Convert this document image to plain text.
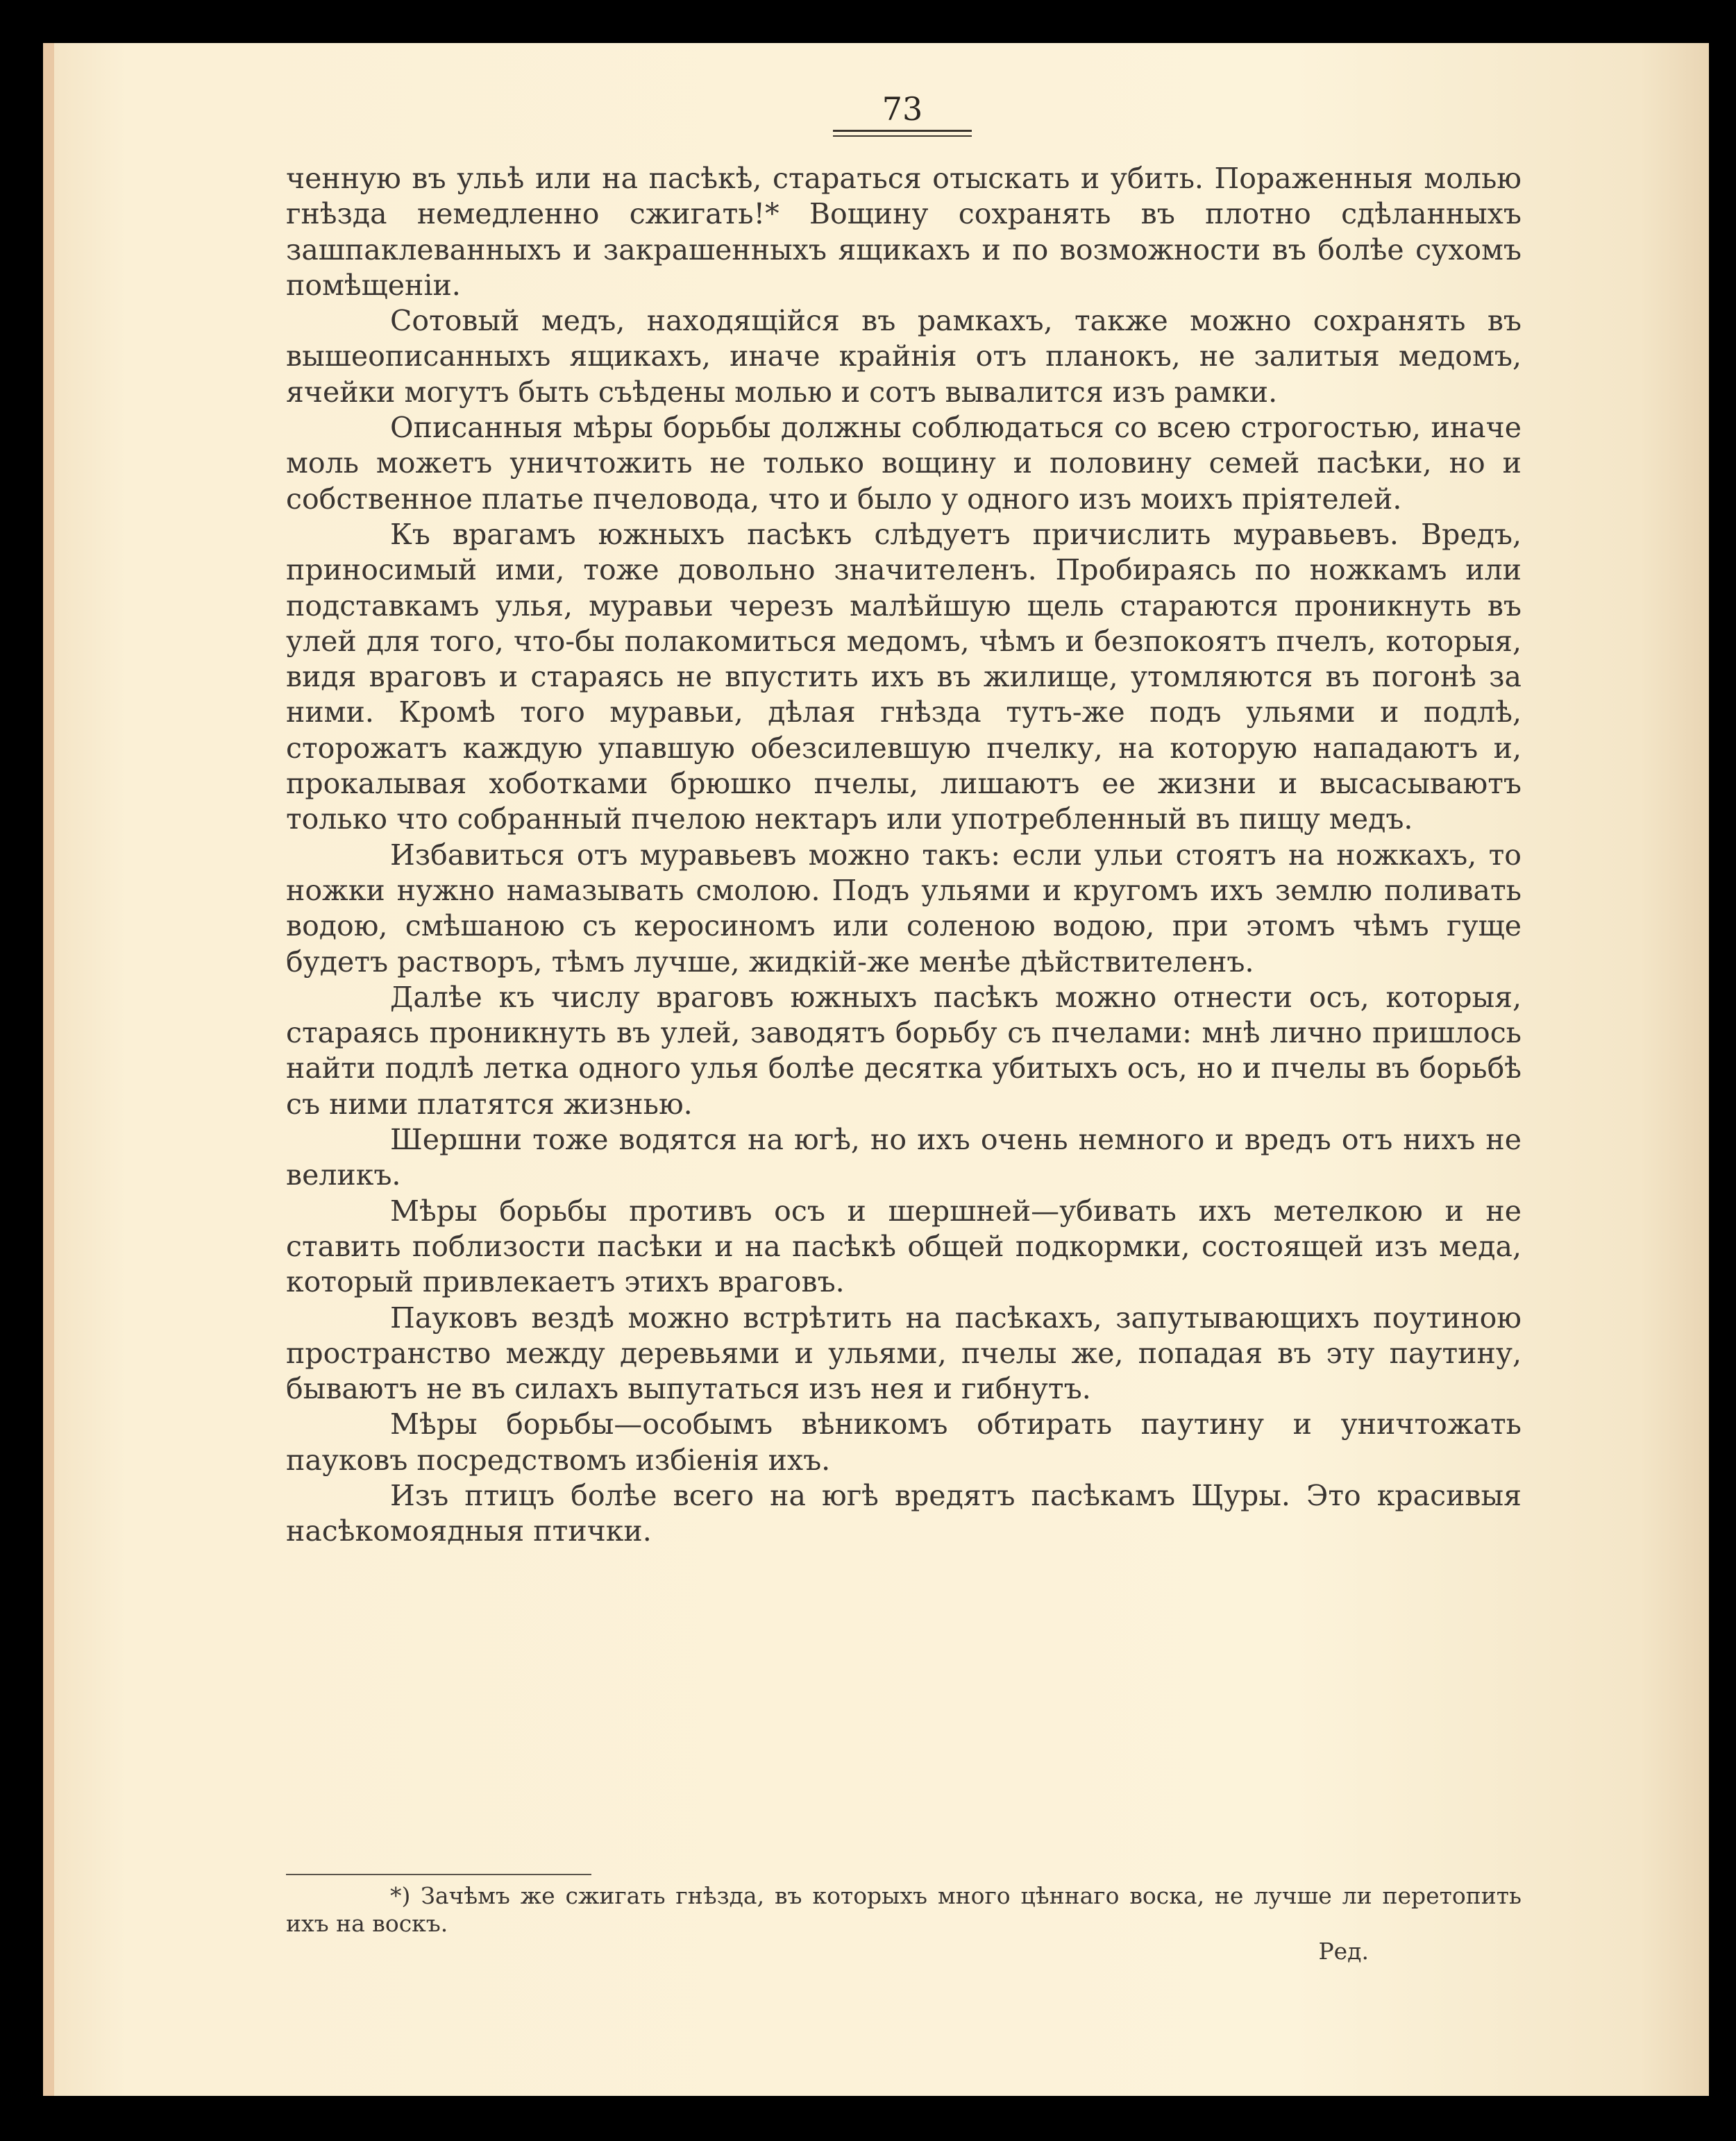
73

ченную въ ульѣ или на пасѣкѣ, стараться отыскать и убить. Пораженныя молью гнѣзда немедленно сжигать!* Вощину сохранять въ плотно сдѣланныхъ зашпаклеванныхъ и закрашенныхъ ящикахъ и по возможности въ болѣе сухомъ помѣщеніи.

Сотовый медъ, находящійся въ рамкахъ, также можно сохранять въ вышеописанныхъ ящикахъ, иначе крайнія отъ планокъ, не залитыя медомъ, ячейки могутъ быть съѣдены молью и сотъ вывалится изъ рамки.

Описанныя мѣры борьбы должны соблюдаться со всею строгостью, иначе моль можетъ уничтожить не только вощину и половину семей пасѣки, но и собственное платье пчеловода, что и было у одного изъ моихъ пріятелей.

Къ врагамъ южныхъ пасѣкъ слѣдуетъ причислить муравьевъ. Вредъ, приносимый ими, тоже довольно значителенъ. Пробираясь по ножкамъ или подставкамъ улья, муравьи черезъ малѣйшую щель стараются проникнуть въ улей для того, что-бы полакомиться медомъ, чѣмъ и безпокоятъ пчелъ, которыя, видя враговъ и стараясь не впустить ихъ въ жилище, утомляются въ погонѣ за ними. Кромѣ того муравьи, дѣлая гнѣзда тутъ-же подъ ульями и подлѣ, сторожатъ каждую упавшую обезсилевшую пчелку, на которую нападаютъ и, прокалывая хоботками брюшко пчелы, лишаютъ ее жизни и высасываютъ только что собранный пчелою нектаръ или употребленный въ пищу медъ.

Избавиться отъ муравьевъ можно такъ: если ульи стоятъ на ножкахъ, то ножки нужно намазывать смолою. Подъ ульями и кругомъ ихъ землю поливать водою, смѣшаною съ керосиномъ или соленою водою, при этомъ чѣмъ гуще будетъ растворъ, тѣмъ лучше, жидкій-же менѣе дѣйствителенъ.

Далѣе къ числу враговъ южныхъ пасѣкъ можно отнести осъ, которыя, стараясь проникнуть въ улей, заводятъ борьбу съ пчелами: мнѣ лично пришлось найти подлѣ летка одного улья болѣе десятка убитыхъ осъ, но и пчелы въ борьбѣ съ ними платятся жизнью.

Шершни тоже водятся на югѣ, но ихъ очень немного и вредъ отъ нихъ не великъ.

Мѣры борьбы противъ осъ и шершней—убивать ихъ метелкою и не ставить поблизости пасѣки и на пасѣкѣ общей подкормки, состоящей изъ меда, который привлекаетъ этихъ враговъ.

Пауковъ вездѣ можно встрѣтить на пасѣкахъ, запутывающихъ поутиною пространство между деревьями и ульями, пчелы же, попадая въ эту паутину, бываютъ не въ силахъ выпутаться изъ нея и гибнутъ.

Мѣры борьбы—особымъ вѣникомъ обтирать паутину и уничтожать пауковъ посредствомъ избіенія ихъ.

Изъ птицъ болѣе всего на югѣ вредятъ пасѣкамъ Щуры. Это красивыя насѣкомоядныя птички.

*) Зачѣмъ же сжигать гнѣзда, въ которыхъ много цѣннаго воска, не лучше ли перетопить ихъ на воскъ.

Ред.
